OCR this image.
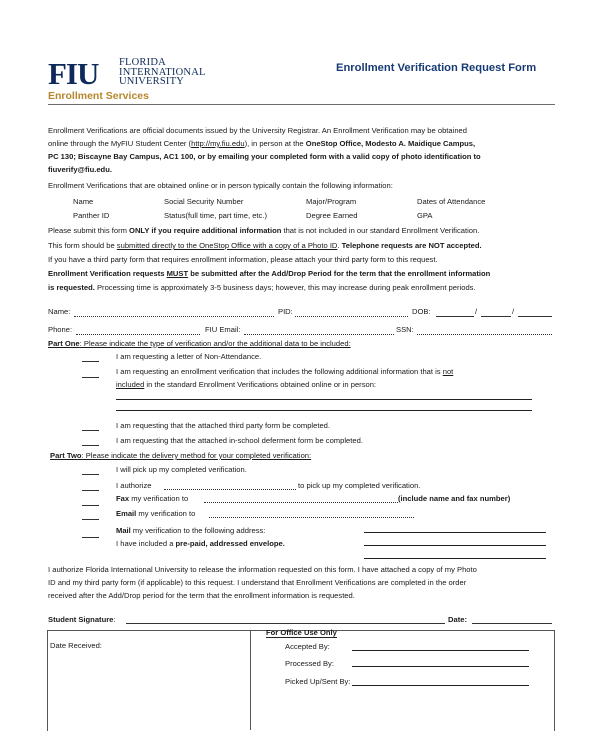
FIU FLORIDA
INTERNATIONAL
UNIVERSITY
Enrollment Services
Enrollment Verification Request Form
Enrollment Verifications are official documents issued by the University Registrar. An Enrollment Verification may be obtained
online through the MyFIU Student Center (http://my.fiu.edu), in person at the OneStop Office, Modesto A. Maidique Campus,
PC 130; Biscayne Bay Campus, AC1 100, or by emailing your completed form with a valid copy of photo identification to
fiuverify@fiu.edu.
Enrollment Verifications that are obtained online or in person typically contain the following information:
Name	Social Security Number	Major/Program	Dates of Attendance
Panther ID	Status(full time, part time, etc.)	Degree Earned	GPA
Please submit this form ONLY if you require additional information that is not included in our standard Enrollment Verification.
This form should be submitted directly to the OneStop Office with a copy of a Photo ID. Telephone requests are NOT accepted.
If you have a third party form that requires enrollment information, please attach your third party form to this request.
Enrollment Verification requests MUST be submitted after the Add/Drop Period for the term that the enrollment information
is requested. Processing time is approximately 3-5 business days; however, this may increase during peak enrollment periods.
Name:	PID:	DOB:	/	/
Phone:	FIU Email:	SSN:
Part One: Please indicate the type of verification and/or the additional data to be included:
I am requesting a letter of Non-Attendance.
I am requesting an enrollment verification that includes the following additional information that is not
included in the standard Enrollment Verifications obtained online or in person:
I am requesting that the attached third party form be completed.
I am requesting that the attached in-school deferment form be completed.
Part Two: Please indicate the delivery method for your completed verification:
I will pick up my completed verification.
I authorize	to pick up my completed verification.
Fax my verification to	(include name and fax number)
Email my verification to
Mail my verification to the following address:
I have included a pre-paid, addressed envelope.
I authorize Florida International University to release the information requested on this form. I have attached a copy of my Photo
ID and my third party form (if applicable) to this request. I understand that Enrollment Verifications are completed in the order
received after the Add/Drop period for the term that the enrollment information is requested.
Student Signature:	Date:
For Office Use Only
Date Received:	Accepted By:
Processed By:
Picked Up/Sent By:
